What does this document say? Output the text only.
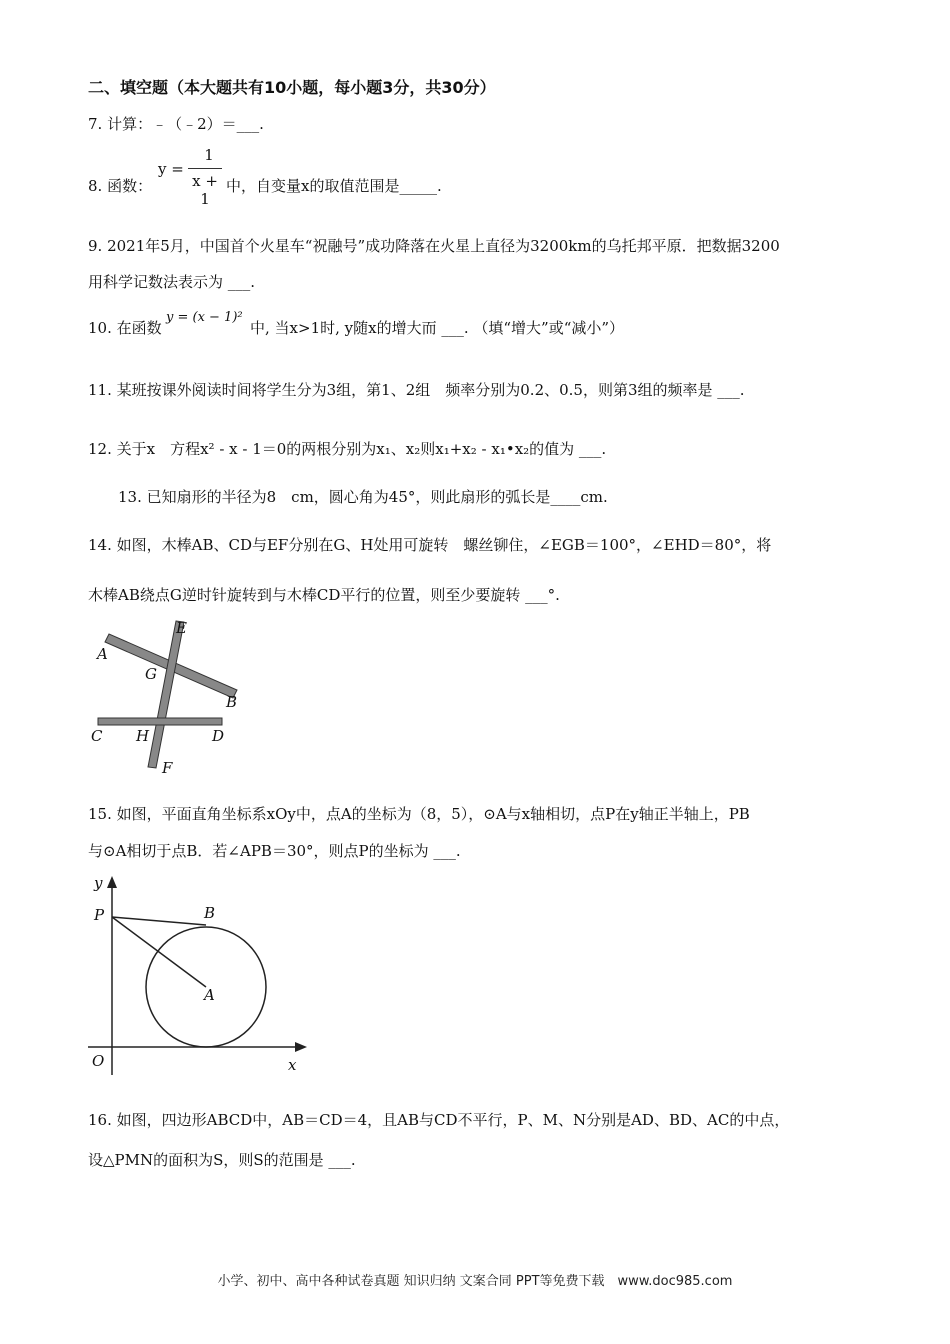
二、填空题（本大题共有10小题，每小题3分，共30分）
7. 计算：﹣（﹣2）＝___.
8. 函数：
y =
1
x + 1
中，自变量x的取值范围是_____.
9. 2021年5月，中国首个火星车“祝融号”成功降落在火星上直径为3200km的乌托邦平原．把数据3200
用科学记数法表示为 ___.
10. 在函数
y = (x − 1)²
中, 当x>1时, y随x的增大而 ___. （填“增大”或“减小”）
11. 某班按课外阅读时间将学生分为3组，第1、2组　频率分别为0.2、0.5，则第3组的频率是 ___.
12. 关于x　方程x² - x - 1＝0的两根分别为x₁、x₂则x₁+x₂ - x₁•x₂的值为 ___.
13. 已知扇形的半径为8　cm，圆心角为45°，则此扇形的弧长是____cm.
14. 如图，木棒AB、CD与EF分别在G、H处用可旋转　螺丝铆住，∠EGB＝100°，∠EHD＝80°，将
木棒AB绕点G逆时针旋转到与木棒CD平行的位置，则至少要旋转 ___°.
A
E
G
B
C H	D
F
15. 如图，平面直角坐标系xOy中，点A的坐标为（8，5），⊙A与x轴相切，点P在y轴正半轴上，PB
与⊙A相切于点B．若∠APB＝30°，则点P的坐标为 ___.
y
x
O
P	B
A
16. 如图，四边形ABCD中，AB＝CD＝4，且AB与CD不平行，P、M、N分别是AD、BD、AC的中点，
设△PMN的面积为S，则S的范围是 ___.
小学、初中、高中各种试卷真题 知识归纳 文案合同 PPT等免费下载　www.doc985.com
